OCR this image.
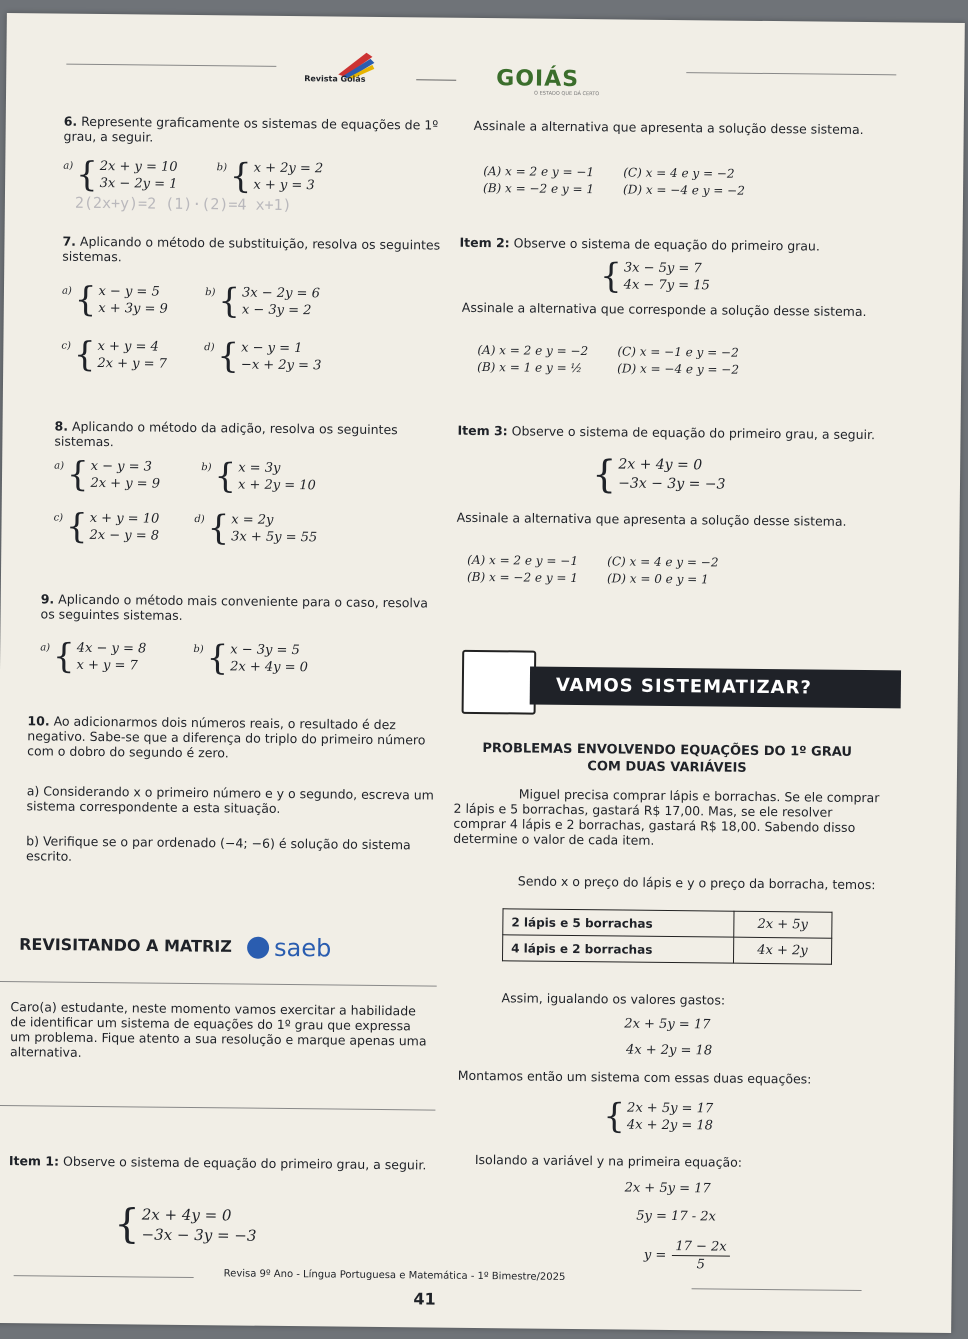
Revista Goiás	GOIÁS
O ESTADO QUE DÁ CERTO
6. Represente graficamente os sistemas de equações de 1º grau, a seguir.
a) { 2x + y = 10
3x − 2y = 1

b) { x + 2y = 2
x + y = 3
2(2x+y)=2 (1)·(2)=4 x+1)
7. Aplicando o método de substituição, resolva os seguintes sistemas.
a) { x − y = 5
x + 3y = 9

b) { 3x − 2y = 6
x − 3y = 2
c) { x + y = 4
2x + y = 7

d) { x − y = 1
−x + 2y = 3
8. Aplicando o método da adição, resolva os seguintes sistemas.
a) { x − y = 3
2x + y = 9

b) { x = 3y
x + 2y = 10
c) { x + y = 10
2x − y = 8

d) { x = 2y
3x + 5y = 55
9. Aplicando o método mais conveniente para o caso, resolva os seguintes sistemas.
a) { 4x − y = 8
x + y = 7

b) { x − 3y = 5
2x + 4y = 0
10. Ao adicionarmos dois números reais, o resultado é dez negativo. Sabe-se que a diferença do triplo do primeiro número com o dobro do segundo é zero.
a) Considerando x o primeiro número e y o segundo, escreva um sistema correspondente a esta situação.
b) Verifique se o par ordenado (−4; −6) é solução do sistema escrito.
REVISITANDO A MATRIZ saeb
Caro(a) estudante, neste momento vamos exercitar a habilidade de identificar um sistema de equações do 1º grau que expressa um problema. Fique atento a sua resolução e marque apenas uma alternativa.
Item 1: Observe o sistema de equação do primeiro grau, a seguir.
{ 2x + 4y = 0
−3x − 3y = −3
Assinale a alternativa que apresenta a solução desse sistema.
(A) x = 2 e y = −1 (C) x = 4 e y = −2
(B) x = −2 e y = 1 (D) x = −4 e y = −2
Item 2: Observe o sistema de equação do primeiro grau.
{ 3x − 5y = 7
4x − 7y = 15
Assinale a alternativa que corresponde a solução desse sistema.
(A) x = 2 e y = −2 (C) x = −1 e y = −2
(B) x = 1 e y = ½	(D) x = −4 e y = −2
Item 3: Observe o sistema de equação do primeiro grau, a seguir.
{ 2x + 4y = 0
−3x − 3y = −3
Assinale a alternativa que apresenta a solução desse sistema.
(A) x = 2 e y = −1 (C) x = 4 e y = −2
(B) x = −2 e y = 1 (D) x = 0 e y = 1
VAMOS SISTEMATIZAR?
PROBLEMAS ENVOLVENDO EQUAÇÕES DO 1º GRAU
COM DUAS VARIÁVEIS
Miguel precisa comprar lápis e borrachas. Se ele comprar 2 lápis e 5 borrachas, gastará R$ 17,00. Mas, se ele resolver comprar 4 lápis e 2 borrachas, gastará R$ 18,00. Sabendo disso determine o valor de cada item.
Sendo x o preço do lápis e y o preço da borracha, temos:
2 lápis e 5 borrachas	2x + 5y
4 lápis e 2 borrachas	4x + 2y
Assim, igualando os valores gastos:
2x + 5y = 17
4x + 2y = 18
Montamos então um sistema com essas duas equações:
{ 2x + 5y = 17
4x + 2y = 18
Isolando a variável y na primeira equação:
2x + 5y = 17
5y = 17 - 2x
$y = \frac{17 - 2x}{5}$
Revisa 9º Ano - Língua Portuguesa e Matemática - 1º Bimestre/2025
41
